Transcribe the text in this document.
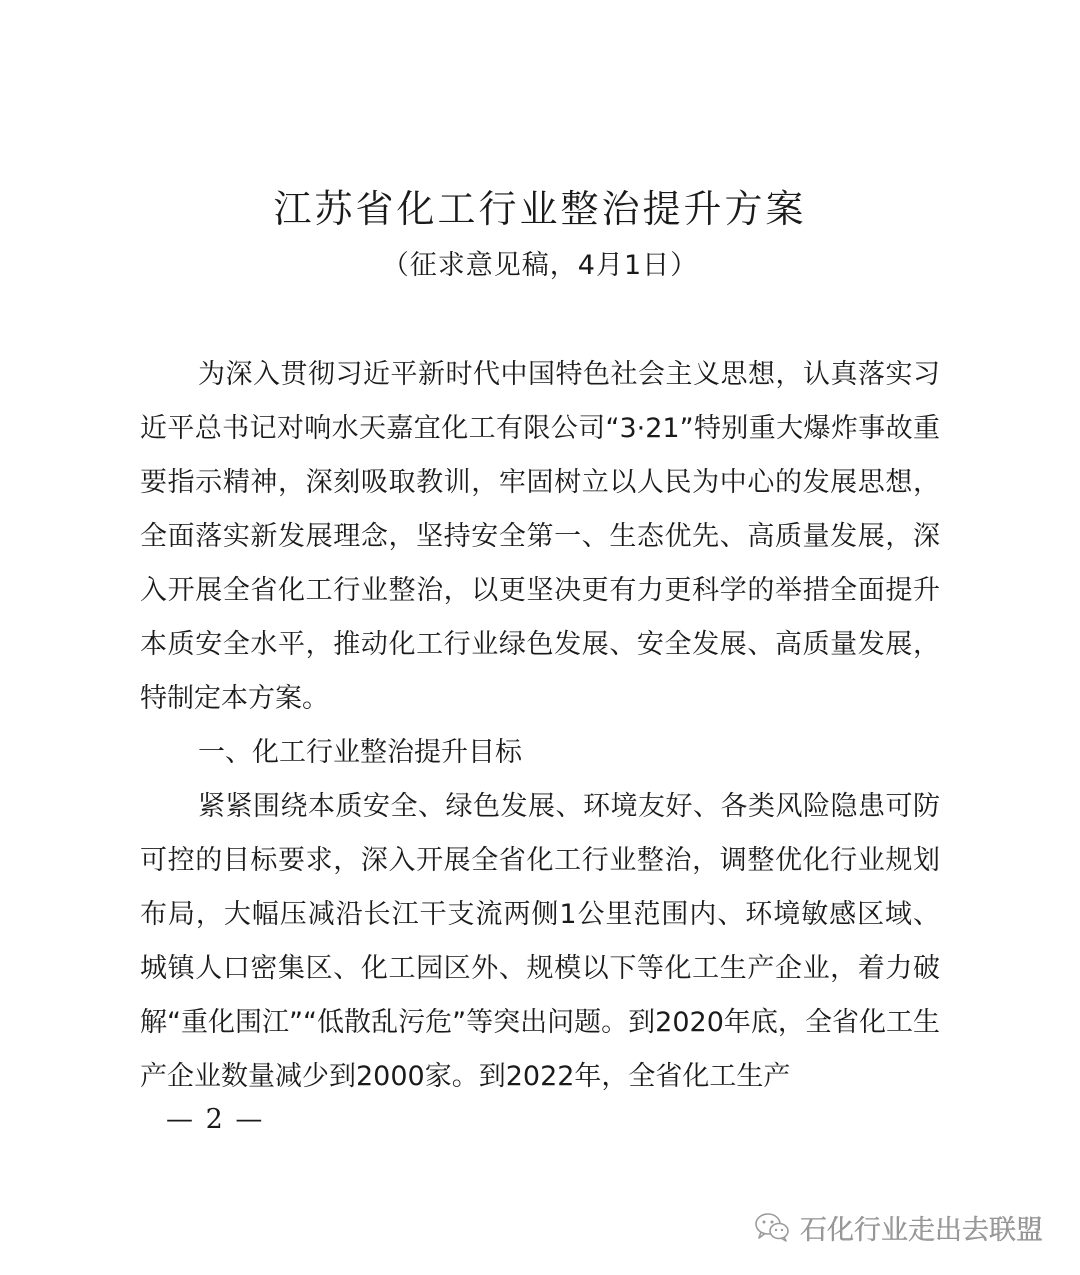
江苏省化工行业整治提升方案

（征求意见稿，4月1日）

为深入贯彻习近平新时代中国特色社会主义思想，认真落实习近平总书记对响水天嘉宜化工有限公司“3·21”特别重大爆炸事故重要指示精神，深刻吸取教训，牢固树立以人民为中心的发展思想，全面落实新发展理念，坚持安全第一、生态优先、高质量发展，深入开展全省化工行业整治，以更坚决更有力更科学的举措全面提升本质安全水平，推动化工行业绿色发展、安全发展、高质量发展，特制定本方案。

一、化工行业整治提升目标

紧紧围绕本质安全、绿色发展、环境友好、各类风险隐患可防可控的目标要求，深入开展全省化工行业整治，调整优化行业规划布局，大幅压减沿长江干支流两侧1公里范围内、环境敏感区域、城镇人口密集区、化工园区外、规模以下等化工生产企业，着力破解“重化围江”“低散乱污危”等突出问题。到2020年底，全省化工生产企业数量减少到2000家。到2022年，全省化工生产

— 2 —

石化行业走出去联盟
